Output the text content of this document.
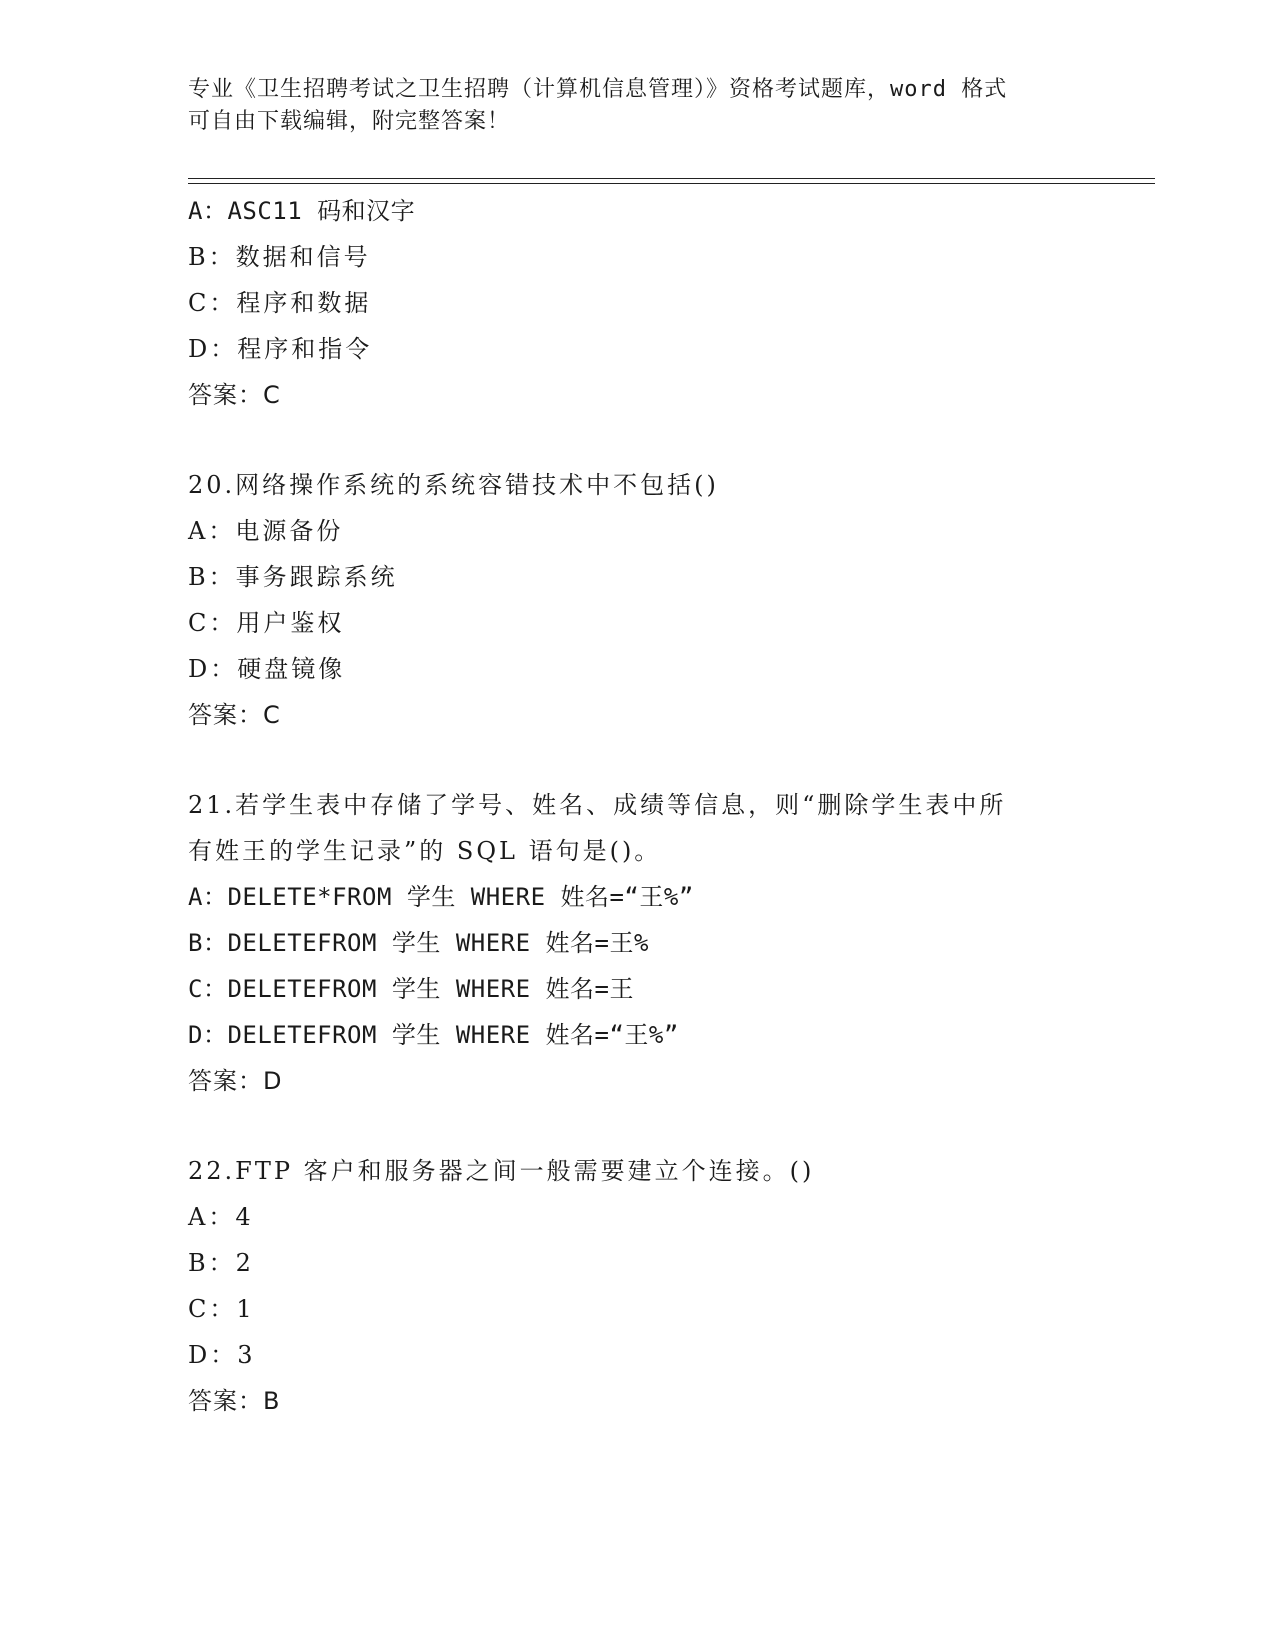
专业《卫生招聘考试之卫生招聘（计算机信息管理）》资格考试题库，word 格式
可自由下载编辑，附完整答案！
A：ASC11 码和汉字
B：数据和信号
C：程序和数据
D：程序和指令
答案：C
20.网络操作系统的系统容错技术中不包括()
A：电源备份
B：事务跟踪系统
C：用户鉴权
D：硬盘镜像
答案：C
21.若学生表中存储了学号、姓名、成绩等信息，则“删除学生表中所
有姓王的学生记录”的 SQL 语句是()。
A：DELETE*FROM 学生 WHERE 姓名=“王%”
B：DELETEFROM 学生 WHERE 姓名=王%
C：DELETEFROM 学生 WHERE 姓名=王
D：DELETEFROM 学生 WHERE 姓名=“王%”
答案：D
22.FTP 客户和服务器之间一般需要建立个连接。()
A：4
B：2
C：1
D：3
答案：B
